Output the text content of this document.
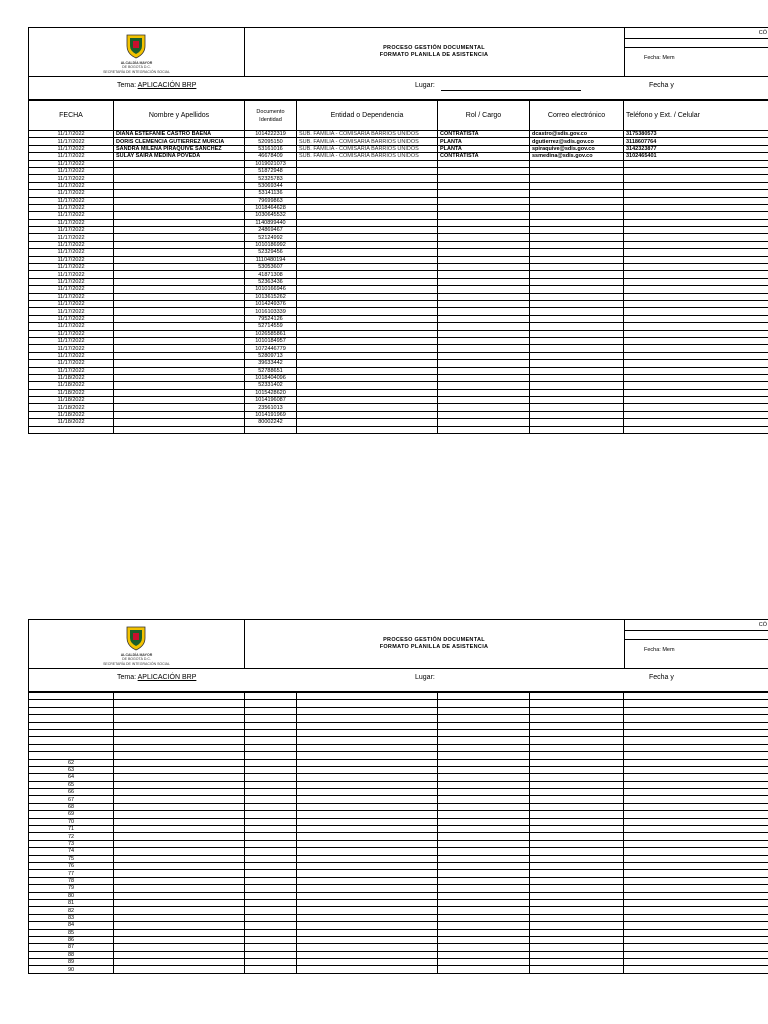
ALCALDÍA MAYOR
DE BOGOTÁ D.C.
SECRETARÍA DE INTEGRACIÓN SOCIAL
PROCESO GESTIÓN DOCUMENTAL
FORMATO PLANILLA DE ASISTENCIA
CÓ
Fecha: Mem
Tema: APLICACIÓN BRP	Lugar:	Fecha y
FECHA	Nombre y Apellidos	Documento Identidad	Entidad o Dependencia	Rol / Cargo	Correo electrónico	Teléfono y Ext. / Celular
11/17/2022	DIANA ESTEFANIE CASTRO BAENA	1014222319	SUB. FAMILIA - COMISARIA BARRIOS UNIDOS	CONTRATISTA	dcastro@sdis.gov.co	3175380573
11/17/2022	DORIS CLEMENCIA GUTIERREZ MURCIA	52095150	SUB. FAMILIA - COMISARIA BARRIOS UNIDOS	PLANTA	dgutierrez@sdis.gov.co	3118607764
11/17/2022	SANDRA MILENA PIRAQUIVE SANCHEZ	53161016	SUB. FAMILIA - COMISARIA BARRIOS UNIDOS	PLANTA	spiraquive@sdis.gov.co	3142323877
11/17/2022	SULAY SAIRA MEDINA POVEDA	46678409	SUB. FAMILIA - COMISARIA BARRIOS UNIDOS	CONTRATISTA	ssmedina@sdis.gov.co	3102465401
11/17/2022		1019021073				
11/17/2022		51872948				
11/17/2022		52325783				
11/17/2022		53069344				
11/17/2022		53141136				
11/17/2022		79699863				
11/17/2022		1018464628				
11/17/2022		1030645532				
11/17/2022		1140899440				
11/17/2022		24869467				
11/17/2022		52124992				
11/17/2022		1010186992				
11/17/2022		52329456				
11/17/2022		1110480194				
11/17/2022		53053607				
11/17/2022		41871308				
11/17/2022		52363436				
11/17/2022		1010166946				
11/17/2022		1013615262				
11/17/2022		1014249376				
11/17/2022		1016103339				
11/17/2022		79524126				
11/17/2022		52714559				
11/17/2022		1026585861				
11/17/2022		1010184957				
11/17/2022		1072446779				
11/17/2022		52809713				
11/17/2022		39633442				
11/17/2022		52788651				
11/18/2022		1018404096				
11/18/2022		52331402				
11/18/2022		1015428620				
11/18/2022		1014196087				
11/18/2022		23561013				
11/18/2022		1014191969				
11/18/2022		80002242				

ALCALDÍA MAYOR
DE BOGOTÁ D.C.
SECRETARÍA DE INTEGRACIÓN SOCIAL
PROCESO GESTIÓN DOCUMENTAL
FORMATO PLANILLA DE ASISTENCIA
CÓ
Fecha: Mem
Tema: APLICACIÓN BRP	Lugar:	Fecha y

62						
63						
64						
65						
66						
67						
68						
69						
70						
71						
72						
73						
74						
75						
76						
77						
78						
79						
80						
81						
82						
83						
84						
85						
86						
87						
88						
89						
90						
